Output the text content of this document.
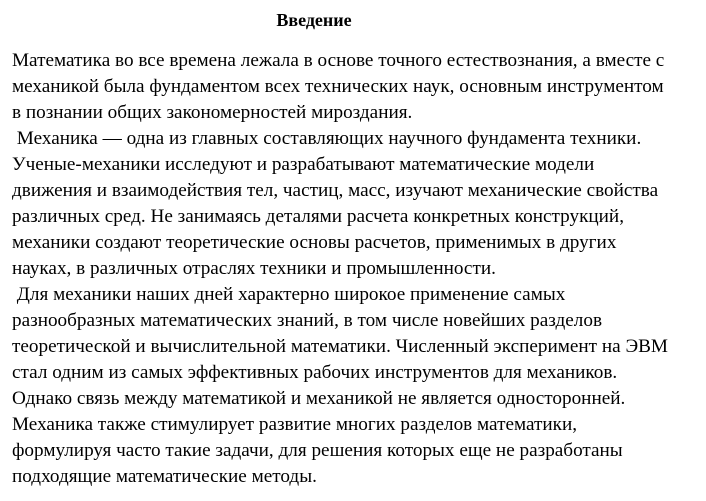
Введение
Математика во все времена лежала в основе точного естествознания, а вместе с
механикой была фундаментом всех технических наук, основным инструментом
в познании общих закономерностей мироздания.
Механика — одна из главных составляющих научного фундамента техники.
Ученые-механики исследуют и разрабатывают математические модели
движения и взаимодействия тел, частиц, масс, изучают механические свойства
различных сред. Не занимаясь деталями расчета конкретных конструкций,
механики создают теоретические основы расчетов, применимых в других
науках, в различных отраслях техники и промышленности.
Для механики наших дней характерно широкое применение самых
разнообразных математических знаний, в том числе новейших разделов
теоретической и вычислительной математики. Численный эксперимент на ЭВМ
стал одним из самых эффективных рабочих инструментов для механиков.
Однако связь между математикой и механикой не является односторонней.
Механика также стимулирует развитие многих разделов математики,
формулируя часто такие задачи, для решения которых еще не разработаны
подходящие математические методы.
